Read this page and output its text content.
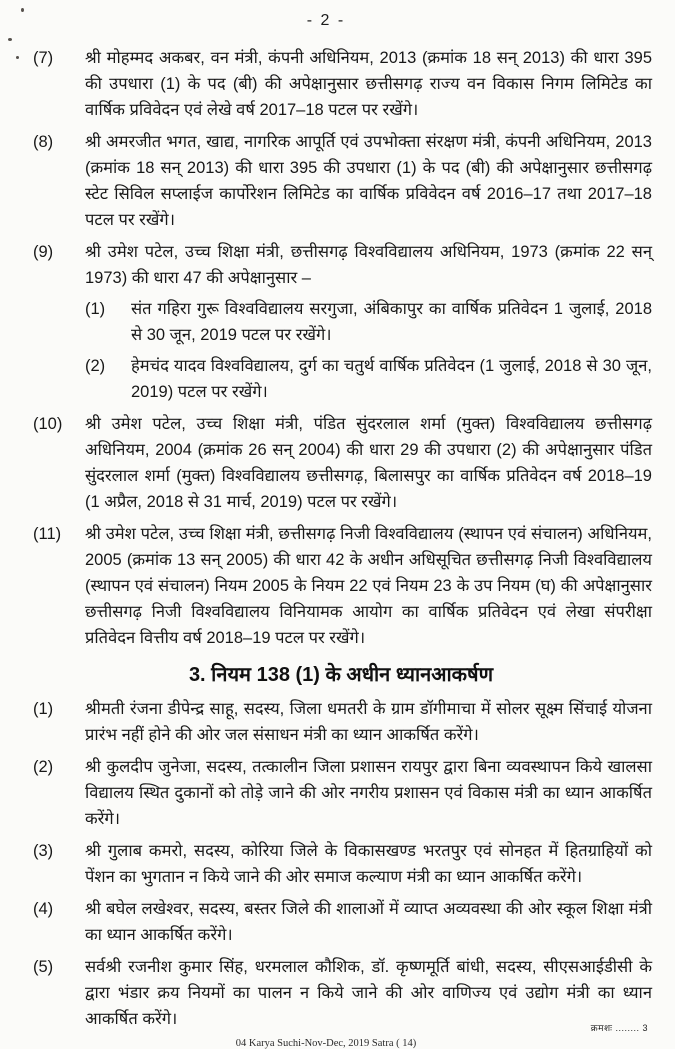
- 2 -
(7) श्री मोहम्मद अकबर, वन मंत्री, कंपनी अधिनियम, 2013 (क्रमांक 18 सन् 2013) की धारा 395 की उपधारा (1) के पद (बी) की अपेक्षानुसार छत्तीसगढ़ राज्य वन विकास निगम लिमिटेड का वार्षिक प्रविवेदन एवं लेखे वर्ष 2017–18 पटल पर रखेंगे।

(8) श्री अमरजीत भगत, खाद्य, नागरिक आपूर्ति एवं उपभोक्ता संरक्षण मंत्री, कंपनी अधिनियम, 2013 (क्रमांक 18 सन् 2013) की धारा 395 की उपधारा (1) के पद (बी) की अपेक्षानुसार छत्तीसगढ़ स्टेट सिविल सप्लाईज कार्पोरेशन लिमिटेड का वार्षिक प्रविवेदन वर्ष 2016–17 तथा 2017–18 पटल पर रखेंगे।

(9) श्री उमेश पटेल, उच्च शिक्षा मंत्री, छत्तीसगढ़ विश्वविद्यालय अधिनियम, 1973 (क्रमांक 22 सन् 1973) की धारा 47 की अपेक्षानुसार –

(1) संत गहिरा गुरू विश्वविद्यालय सरगुजा, अंबिकापुर का वार्षिक प्रतिवेदन 1 जुलाई, 2018 से 30 जून, 2019 पटल पर रखेंगे।

(2) हेमचंद यादव विश्वविद्यालय, दुर्ग का चतुर्थ वार्षिक प्रतिवेदन (1 जुलाई, 2018 से 30 जून, 2019) पटल पर रखेंगे।

(10) श्री उमेश पटेल, उच्च शिक्षा मंत्री, पंडित सुंदरलाल शर्मा (मुक्त) विश्वविद्यालय छत्तीसगढ़ अधिनियम, 2004 (क्रमांक 26 सन् 2004) की धारा 29 की उपधारा (2) की अपेक्षानुसार पंडित सुंदरलाल शर्मा (मुक्त) विश्वविद्यालय छत्तीसगढ़, बिलासपुर का वार्षिक प्रतिवेदन वर्ष 2018–19 (1 अप्रैल, 2018 से 31 मार्च, 2019) पटल पर रखेंगे।

(11) श्री उमेश पटेल, उच्च शिक्षा मंत्री, छत्तीसगढ़ निजी विश्वविद्यालय (स्थापन एवं संचालन) अधिनियम, 2005 (क्रमांक 13 सन् 2005) की धारा 42 के अधीन अधिसूचित छत्तीसगढ़ निजी विश्वविद्यालय (स्थापन एवं संचालन) नियम 2005 के नियम 22 एवं नियम 23 के उप नियम (घ) की अपेक्षानुसार छत्तीसगढ़ निजी विश्वविद्यालय विनियामक आयोग का वार्षिक प्रतिवेदन एवं लेखा संपरीक्षा प्रतिवेदन वित्तीय वर्ष 2018–19 पटल पर रखेंगे।

3. नियम 138 (1) के अधीन ध्यानआकर्षण
(1) श्रीमती रंजना डीपेन्द्र साहू, सदस्य, जिला धमतरी के ग्राम डॉगीमाचा में सोलर सूक्ष्म सिंचाई योजना प्रारंभ नहीं होने की ओर जल संसाधन मंत्री का ध्यान आकर्षित करेंगे।

(2) श्री कुलदीप जुनेजा, सदस्य, तत्कालीन जिला प्रशासन रायपुर द्वारा बिना व्यवस्थापन किये खालसा विद्यालय स्थित दुकानों को तोड़े जाने की ओर नगरीय प्रशासन एवं विकास मंत्री का ध्यान आकर्षित करेंगे।

(3) श्री गुलाब कमरो, सदस्य, कोरिया जिले के विकासखण्ड भरतपुर एवं सोनहत में हितग्राहियों को पेंशन का भुगतान न किये जाने की ओर समाज कल्याण मंत्री का ध्यान आकर्षित करेंगे।

(4) श्री बघेल लखेश्वर, सदस्य, बस्तर जिले की शालाओं में व्याप्त अव्यवस्था की ओर स्कूल शिक्षा मंत्री का ध्यान आकर्षित करेंगे।

(5) सर्वश्री रजनीश कुमार सिंह, धरमलाल कौशिक, डॉ. कृष्णमूर्ति बांधी, सदस्य, सीएसआईडीसी के द्वारा भंडार क्रय नियमों का पालन न किये जाने की ओर वाणिज्य एवं उद्योग मंत्री का ध्यान आकर्षित करेंगे।	क्रमशः ........ 3
04 Karya Suchi-Nov-Dec, 2019 Satra ( 14)
